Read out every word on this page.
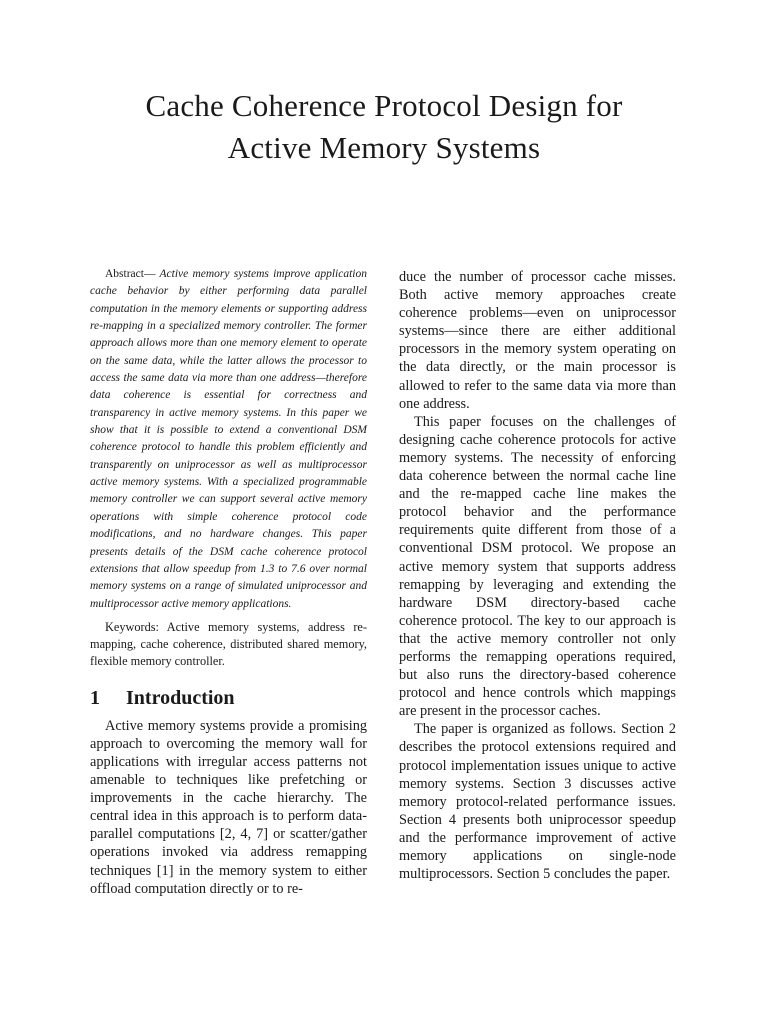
Cache Coherence Protocol Design for
Active Memory Systems

Abstract— Active memory systems improve application cache behavior by either performing data parallel computation in the memory elements or supporting address re-mapping in a specialized memory controller. The former approach allows more than one memory element to operate on the same data, while the latter allows the processor to access the same data via more than one address—therefore data coherence is essential for correctness and transparency in active memory systems. In this paper we show that it is possible to extend a conventional DSM coherence protocol to handle this problem efficiently and transparently on uniprocessor as well as multiprocessor active memory systems. With a specialized programmable memory controller we can support several active memory operations with simple coherence protocol code modifications, and no hardware changes. This paper presents details of the DSM cache coherence protocol extensions that allow speedup from 1.3 to 7.6 over normal memory systems on a range of simulated uniprocessor and multiprocessor active memory applications.

Keywords: Active memory systems, address re-mapping, cache coherence, distributed shared memory, flexible memory controller.

1 Introduction

Active memory systems provide a promising approach to overcoming the memory wall for applications with irregular access patterns not amenable to techniques like prefetching or improvements in the cache hierarchy. The central idea in this approach is to perform data-parallel computations [2, 4, 7] or scatter/gather operations invoked via address remapping techniques [1] in the memory system to either offload computation directly or to re-

duce the number of processor cache misses. Both active memory approaches create coherence problems—even on uniprocessor systems—since there are either additional processors in the memory system operating on the data directly, or the main processor is allowed to refer to the same data via more than one address.

This paper focuses on the challenges of designing cache coherence protocols for active memory systems. The necessity of enforcing data coherence between the normal cache line and the re-mapped cache line makes the protocol behavior and the performance requirements quite different from those of a conventional DSM protocol. We propose an active memory system that supports address remapping by leveraging and extending the hardware DSM directory-based cache coherence protocol. The key to our approach is that the active memory controller not only performs the remapping operations required, but also runs the directory-based coherence protocol and hence controls which mappings are present in the processor caches.

The paper is organized as follows. Section 2 describes the protocol extensions required and protocol implementation issues unique to active memory systems. Section 3 discusses active memory protocol-related performance issues. Section 4 presents both uniprocessor speedup and the performance improvement of active memory applications on single-node multiprocessors. Section 5 concludes the paper.
